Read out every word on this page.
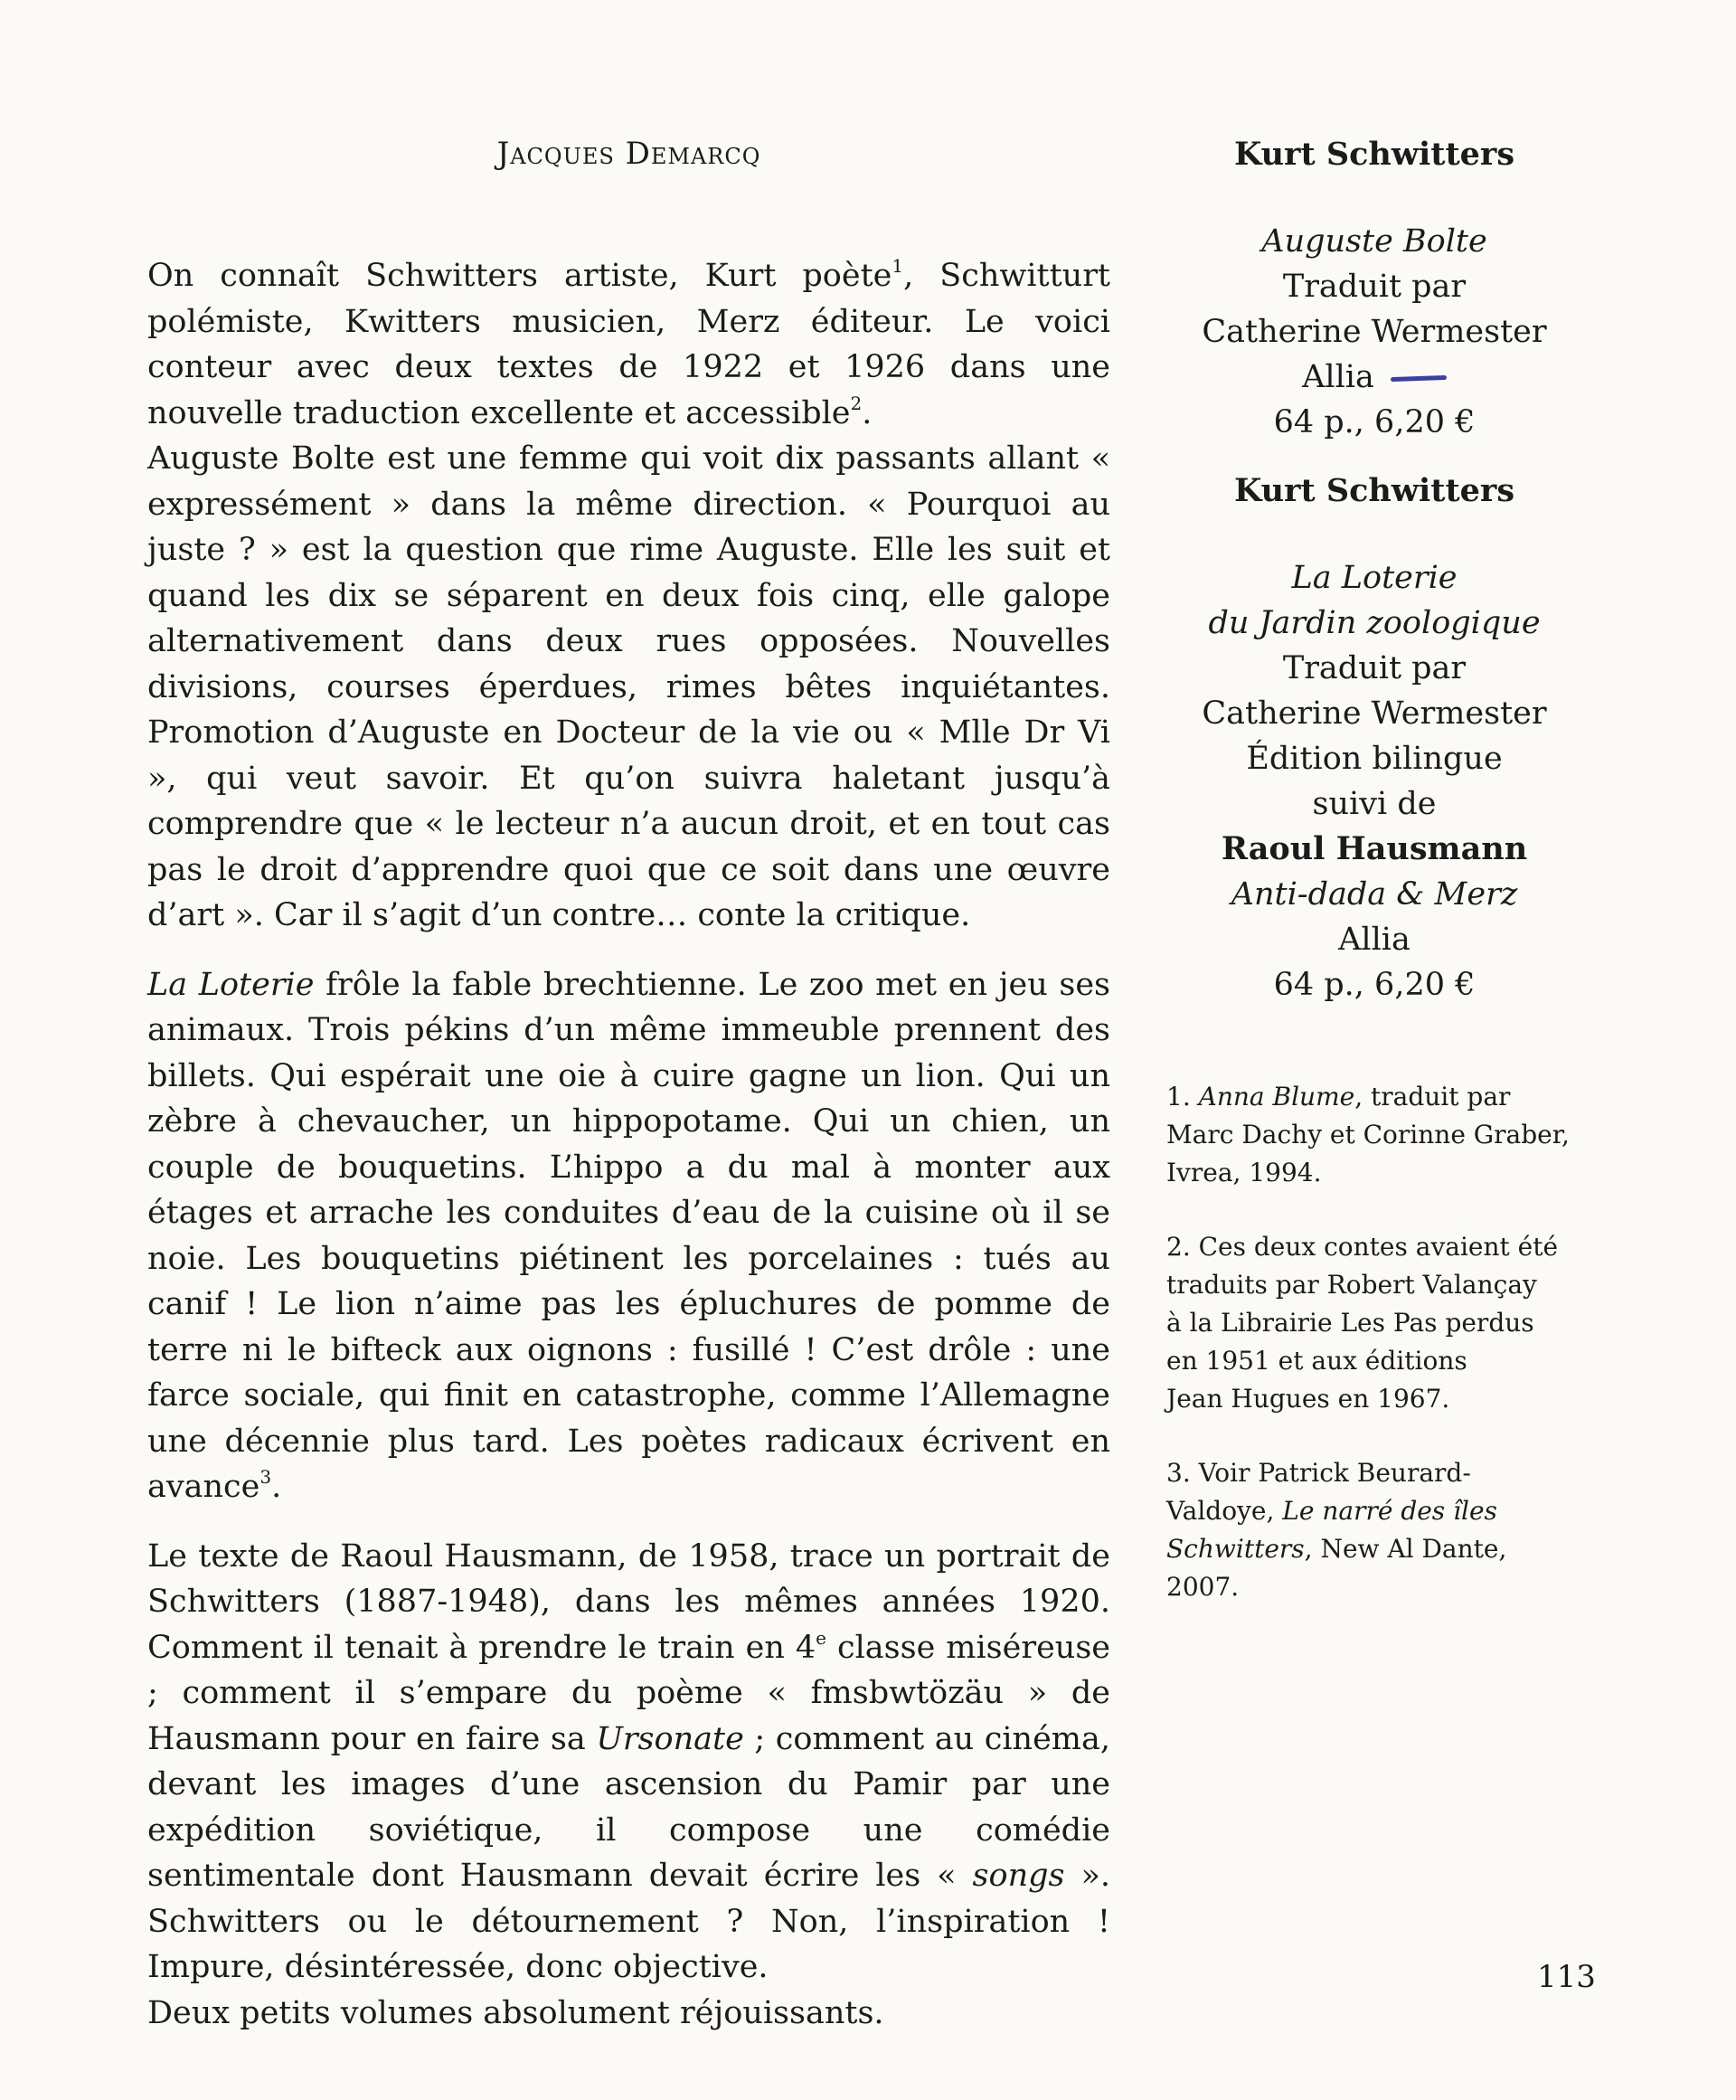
Jacques Demarcq

On connaît Schwitters artiste, Kurt poète$^1$, Schwitturt polémiste, Kwitters musicien, Merz éditeur. Le voici conteur avec deux textes de 1922 et 1926 dans une nouvelle traduction excellente et accessible$^2$.

Auguste Bolte est une femme qui voit dix passants allant « expressément » dans la même direction. « Pourquoi au juste ? » est la question que rime Auguste. Elle les suit et quand les dix se séparent en deux fois cinq, elle galope alternativement dans deux rues opposées. Nouvelles divisions, courses éperdues, rimes bêtes inquiétantes. Promotion d’Auguste en Docteur de la vie ou « Mlle Dr Vi », qui veut savoir. Et qu’on suivra haletant jusqu’à comprendre que « le lecteur n’a aucun droit, et en tout cas pas le droit d’apprendre quoi que ce soit dans une œuvre d’art ». Car il s’agit d’un contre… conte la critique.

La Loterie frôle la fable brechtienne. Le zoo met en jeu ses animaux. Trois pékins d’un même immeuble prennent des billets. Qui espérait une oie à cuire gagne un lion. Qui un zèbre à chevaucher, un hippopotame. Qui un chien, un couple de bouquetins. L’hippo a du mal à monter aux étages et arrache les conduites d’eau de la cuisine où il se noie. Les bouquetins piétinent les porcelaines : tués au canif ! Le lion n’aime pas les épluchures de pomme de terre ni le bifteck aux oignons : fusillé ! C’est drôle : une farce sociale, qui finit en catastrophe, comme l’Allemagne une décennie plus tard. Les poètes radicaux écrivent en avance$^3$.

Le texte de Raoul Hausmann, de 1958, trace un portrait de Schwitters (1887-1948), dans les mêmes années 1920. Comment il tenait à prendre le train en 4e classe miséreuse ; comment il s’empare du poème « fmsbwtözäu » de Hausmann pour en faire sa Ursonate ; comment au cinéma, devant les images d’une ascension du Pamir par une expédition soviétique, il compose une comédie sentimentale dont Hausmann devait écrire les « songs ». Schwitters ou le détournement ? Non, l’inspiration ! Impure, désintéressée, donc objective.

Deux petits volumes absolument réjouissants.

Kurt Schwitters
Auguste Bolte
Traduit par
Catherine Wermester
Allia
64 p., 6,20 €
Kurt Schwitters
La Loterie
du Jardin zoologique
Traduit par
Catherine Wermester
Édition bilingue
suivi de
Raoul Hausmann
Anti-dada & Merz
Allia
64 p., 6,20 €
1. Anna Blume, traduit par
Marc Dachy et Corinne Graber,
Ivrea, 1994.
2. Ces deux contes avaient été
traduits par Robert Valançay
à la Librairie Les Pas perdus
en 1951 et aux éditions
Jean Hugues en 1967.
3. Voir Patrick Beurard-
Valdoye, Le narré des îles
Schwitters, New Al Dante,
2007.
113
